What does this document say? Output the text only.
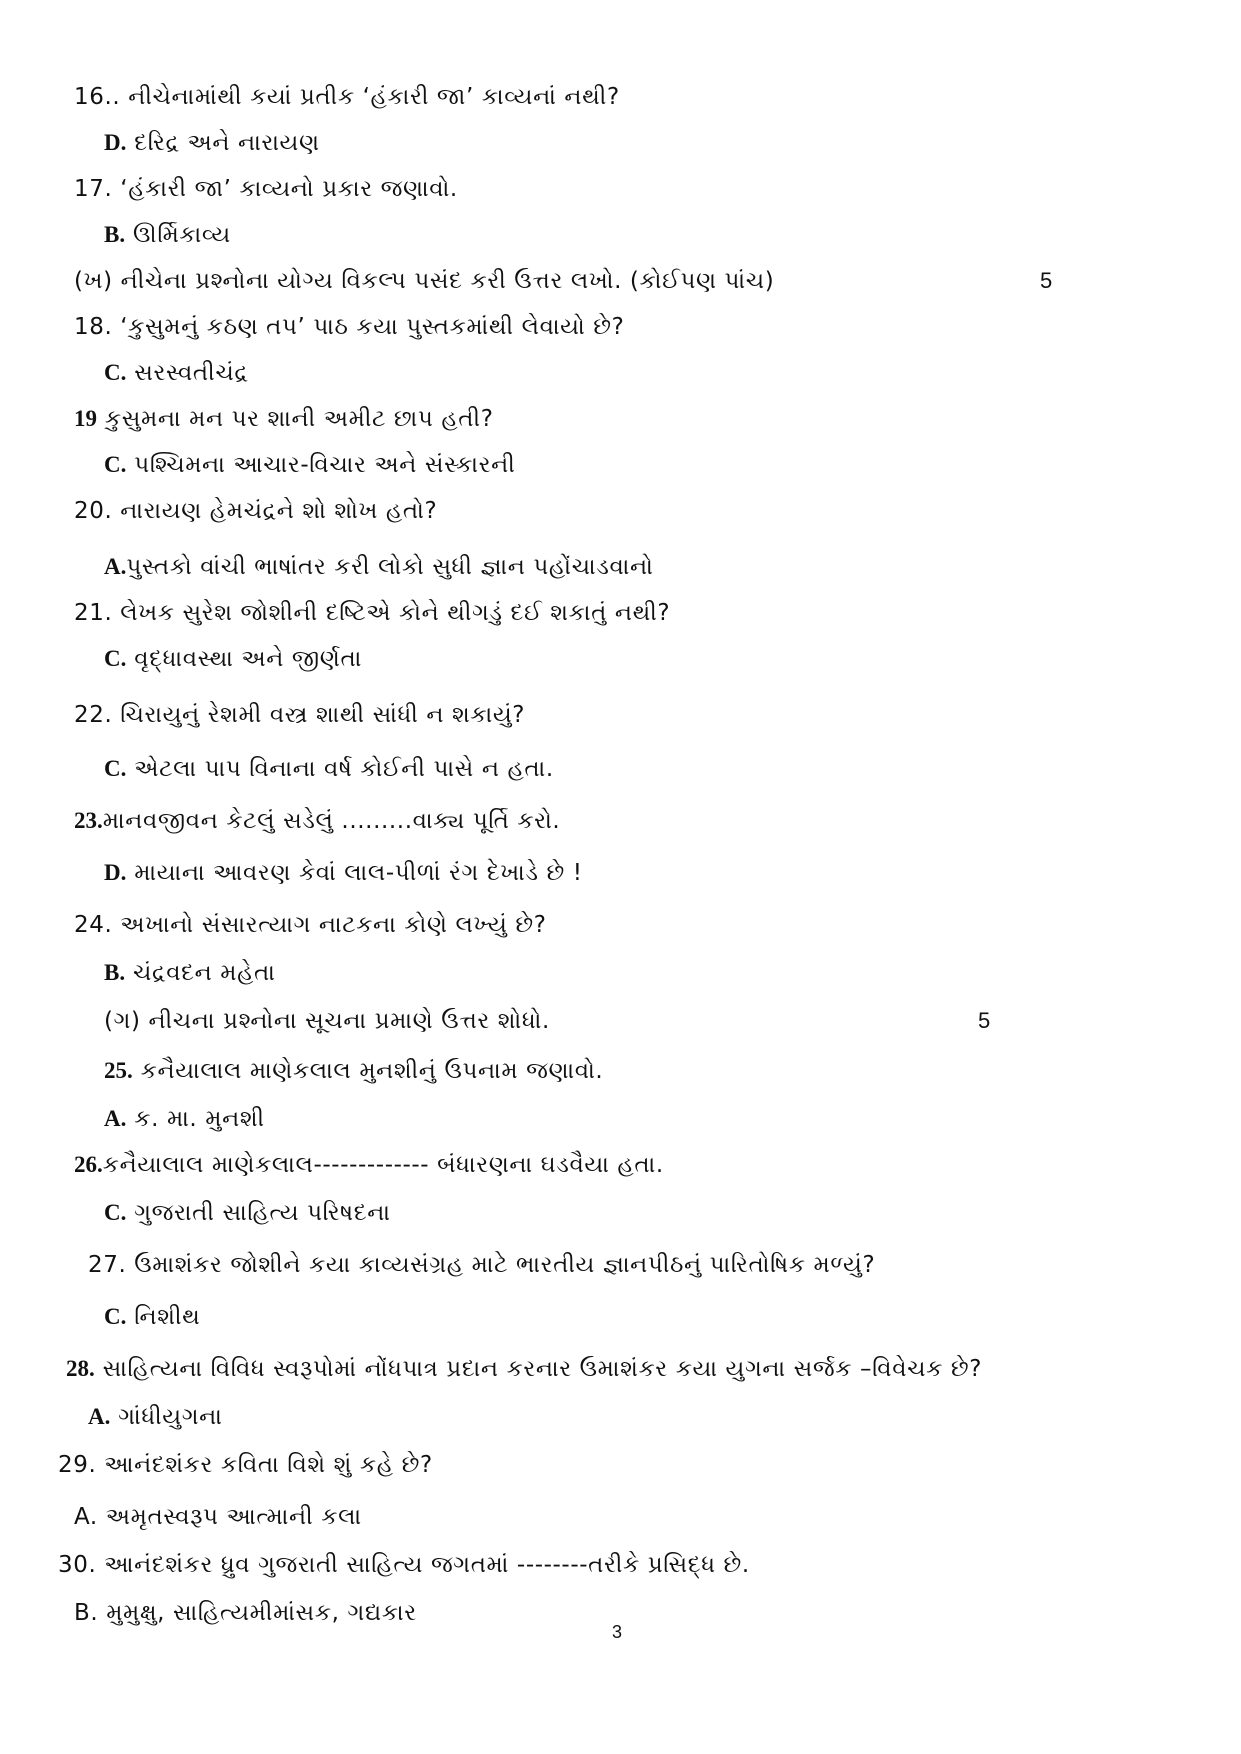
16.. નીચેનામાંથી કયાં પ્રતીક ‘હંકારી જા’ કાવ્યનાં નથી?
D. દરિદ્ર અને નારાયણ
17. ‘હંકારી જા’ કાવ્યનો પ્રકાર જણાવો.
B. ઊર્મિકાવ્ય
(ખ) નીચેના પ્રશ્નોના યોગ્ય વિકલ્પ પસંદ કરી ઉત્તર લખો. (કોઈપણ પાંચ)	5
18. ‘કુસુમનું કઠણ તપ’ પાઠ કયા પુસ્તકમાંથી લેવાયો છે?
C. સરસ્વતીચંદ્ર
19 કુસુમના મન પર શાની અમીટ છાપ હતી?
C. પશ્ચિમના આચાર-વિચાર અને સંસ્કારની
20. નારાયણ હેમચંદ્રને શો શોખ હતો?
A.પુસ્તકો વાંચી ભાષાંતર કરી લોકો સુધી જ્ઞાન પહોંચાડવાનો
21. લેખક સુરેશ જોશીની દષ્ટિએ કોને થીગડું દઈ શકાતું નથી?
C. વૃદ્ધાવસ્થા અને જીર્ણતા
22. ચિરાયુનું રેશમી વસ્ત્ર શાથી સાંધી ન શકાયું?
C. એટલા પાપ વિનાના વર્ષ કોઈની પાસે ન હતા.
23.માનવજીવન કેટલું સડેલું .........વાક્ય પૂર્તિ કરો.
D. માયાના આવરણ કેવાં લાલ-પીળાં રંગ દેખાડે છે !
24. અખાનો સંસારત્યાગ નાટકના કોણે લખ્યું છે?
B. ચંદ્રવદન મહેતા
(ગ) નીચના પ્રશ્નોના સૂચના પ્રમાણે ઉત્તર શોધો.	5
25. કનૈયાલાલ માણેકલાલ મુનશીનું ઉપનામ જણાવો.
A. ક. મા. મુનશી
26.કનૈયાલાલ માણેકલાલ------------- બંધારણના ઘડવૈયા હતા.
C. ગુજરાતી સાહિત્ય પરિષદના
27. ઉમાશંકર જોશીને કયા કાવ્યસંગ્રહ માટે ભારતીય જ્ઞાનપીઠનું પારિતોષિક મળ્યું?
C. નિશીથ
28. સાહિત્યના વિવિધ સ્વરૂપોમાં નોંધપાત્ર પ્રદાન કરનાર ઉમાશંકર કયા યુગના સર્જક –વિવેચક છે?
A. ગાંધીયુગના
29. આનંદશંકર કવિતા વિશે શું કહે છે?
A. અમૃતસ્વરૂપ આત્માની કલા
30. આનંદશંકર ધ્રુવ ગુજરાતી સાહિત્ય જગતમાં --------તરીકે પ્રસિદ્ધ છે.
B. મુમુક્ષુ, સાહિત્યમીમાંસક, ગદ્યકાર
3
